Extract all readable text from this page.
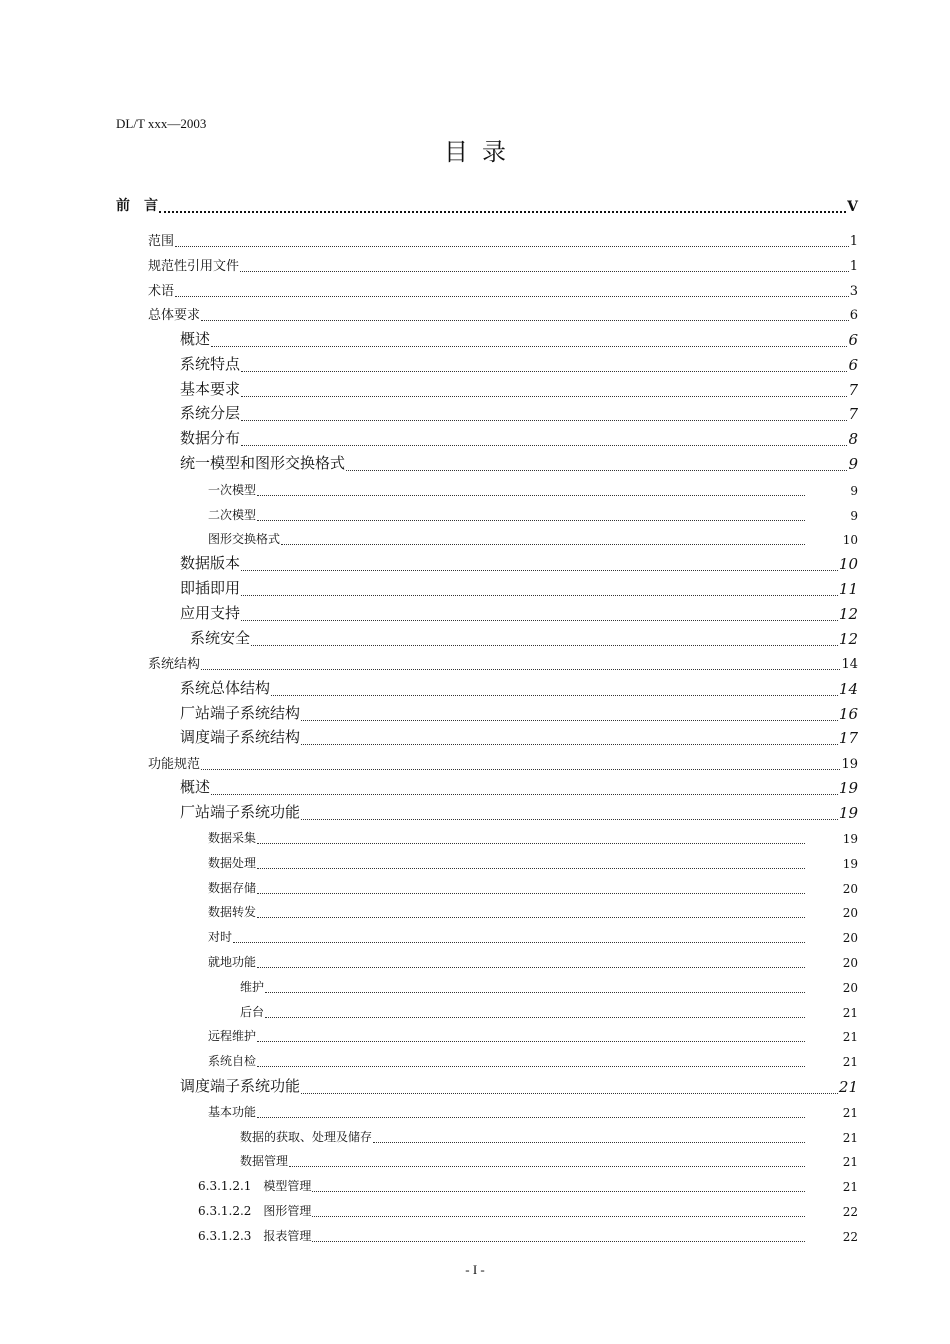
DL/T xxx—2003
目录
前　言	V
范围	1
规范性引用文件	1
术语	3
总体要求	6
概述	6
系统特点	6
基本要求	7
系统分层	7
数据分布	8
统一模型和图形交换格式	9
一次模型	9
二次模型	9
图形交换格式	10
数据版本	10
即插即用	11
应用支持	12
系统安全	12
系统结构	14
系统总体结构	14
厂站端子系统结构	16
调度端子系统结构	17
功能规范	19
概述	19
厂站端子系统功能	19
数据采集	19
数据处理	19
数据存储	20
数据转发	20
对时	20
就地功能	20
维护	20
后台	21
远程维护	21
系统自检	21
调度端子系统功能	21
基本功能	21
数据的获取、处理及储存	21
数据管理	21
6.3.1.2.1　模型管理	21
6.3.1.2.2　图形管理	22
6.3.1.2.3　报表管理	22
- I -
